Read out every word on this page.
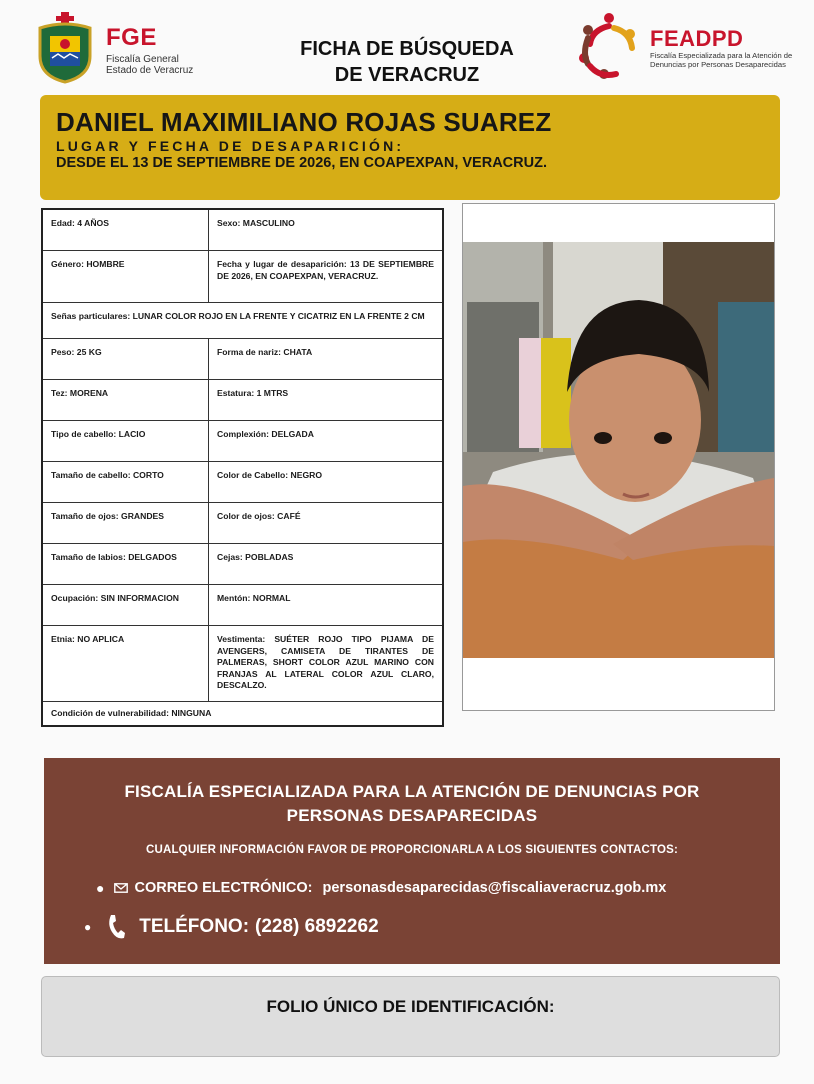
FGE
Fiscalía General
Estado de Veracruz
FICHA DE BÚSQUEDA
DE VERACRUZ
FEADPD
Fiscalía Especializada para la Atención de
Denuncias por Personas Desaparecidas
DANIEL MAXIMILIANO ROJAS SUAREZ
LUGAR Y FECHA DE DESAPARICIÓN:
DESDE EL 13 DE SEPTIEMBRE DE 2026, EN COAPEXPAN, VERACRUZ.
Edad: 4 AÑOS	Sexo: MASCULINO
Género: HOMBRE	Fecha y lugar de desaparición: 13 DE SEPTIEMBRE DE 2026, EN COAPEXPAN, VERACRUZ.
Señas particulares: LUNAR COLOR ROJO EN LA FRENTE Y CICATRIZ EN LA FRENTE 2 CM
Peso: 25 KG	Forma de nariz: CHATA
Tez: MORENA	Estatura: 1 MTRS
Tipo de cabello: LACIO	Complexión: DELGADA
Tamaño de cabello: CORTO	Color de Cabello: NEGRO
Tamaño de ojos: GRANDES	Color de ojos: CAFÉ
Tamaño de labios: DELGADOS	Cejas: POBLADAS
Ocupación: SIN INFORMACION	Mentón: NORMAL
Etnia: NO APLICA	Vestimenta: SUÉTER ROJO TIPO PIJAMA DE AVENGERS, CAMISETA DE TIRANTES DE PALMERAS, SHORT COLOR AZUL MARINO CON FRANJAS AL LATERAL COLOR AZUL CLARO, DESCALZO.
Condición de vulnerabilidad: NINGUNA
FISCALÍA ESPECIALIZADA PARA LA ATENCIÓN DE DENUNCIAS POR
PERSONAS DESAPARECIDAS
CUALQUIER INFORMACIÓN FAVOR DE PROPORCIONARLA A LOS SIGUIENTES CONTACTOS:
● CORREO ELECTRÓNICO: personasdesaparecidas@fiscaliaveracruz.gob.mx
●	TELÉFONO: (228) 6892262
FOLIO ÚNICO DE IDENTIFICACIÓN:
